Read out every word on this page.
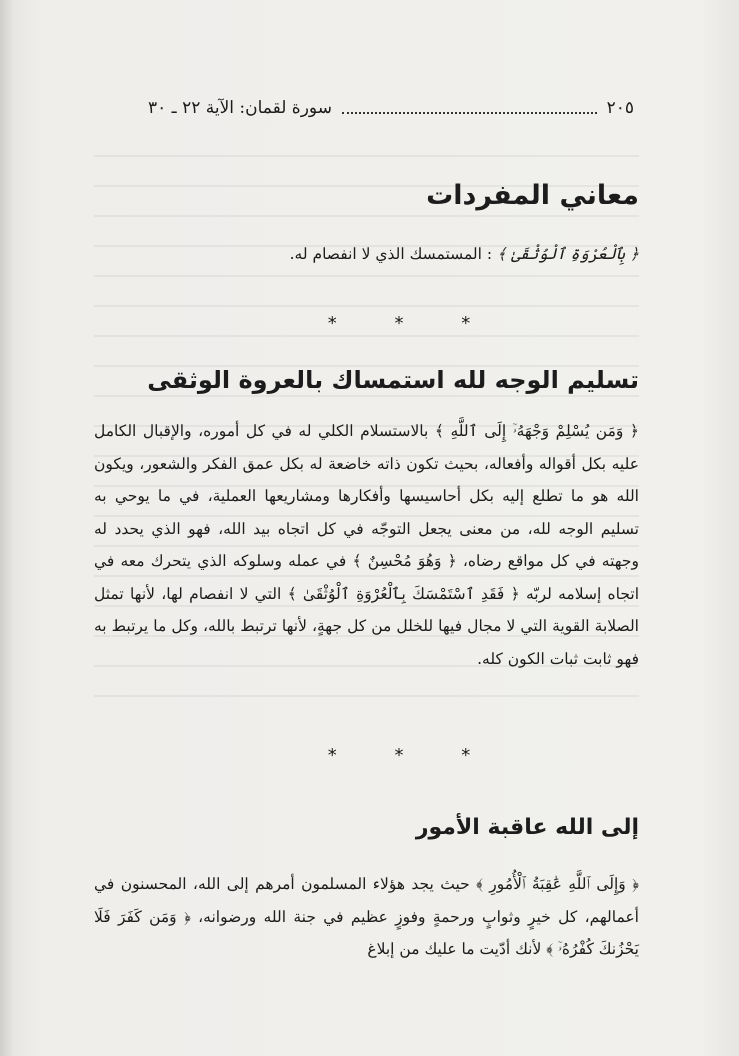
سورة لقمان: الآية ٢٢ ـ ٣٠	٢٠٥
معاني المفردات
﴿ بِٱلْعُرْوَةِ ٱلْوُثْقَىٰ ﴾ : المستمسك الذي لا انفصام له.
* * *
تسليم الوجه لله استمساك بالعروة الوثقى
﴿ وَمَن يُسْلِمْ وَجْهَهُۥٓ إِلَى ٱللَّهِ ﴾ بالاستسلام الكلي له في كل أموره، والإقبال الكامل عليه بكل أقواله وأفعاله، بحيث تكون ذاته خاضعة له بكل عمق الفكر والشعور، ويكون الله هو ما تطلع إليه بكل أحاسيسها وأفكارها ومشاريعها العملية، في ما يوحي به تسليم الوجه لله، من معنى يجعل التوجّه في كل اتجاه بيد الله، فهو الذي يحدد له وجهته في كل مواقع رضاه، ﴿ وَهُوَ مُحْسِنٌ ﴾ في عمله وسلوكه الذي يتحرك معه في اتجاه إسلامه لربّه ﴿ فَقَدِ ٱسْتَمْسَكَ بِٱلْعُرْوَةِ ٱلْوُثْقَىٰ ﴾ التي لا انفصام لها، لأنها تمثل الصلابة القوية التي لا مجال فيها للخلل من كل جهةٍ، لأنها ترتبط بالله، وكل ما يرتبط به فهو ثابت ثبات الكون كله.
* * *
إلى الله عاقبة الأمور
﴿ وَإِلَى ٱللَّهِ عَٰقِبَةُ ٱلْأُمُورِ ﴾ حيث يجد هؤلاء المسلمون أمرهم إلى الله، المحسنون في أعمالهم، كل خيرٍ وثوابٍ ورحمةٍ وفوزٍ عظيم في جنة الله ورضوانه، ﴿ وَمَن كَفَرَ فَلَا يَحْزُنكَ كُفْرُهُۥٓ ﴾ لأنك أدّيت ما عليك من إبلاغ
